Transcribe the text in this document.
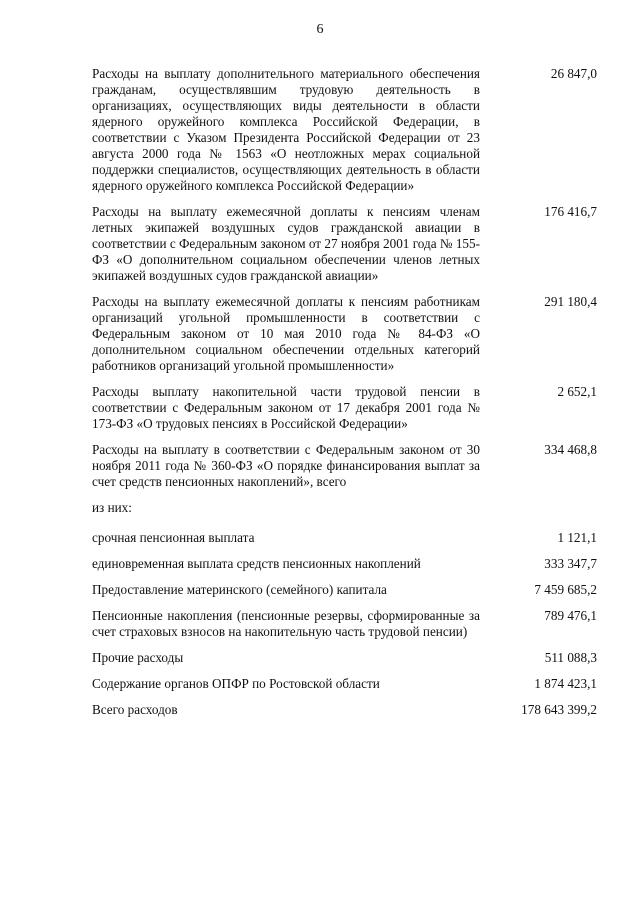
6
Расходы на выплату дополнительного материального обеспечения гражданам, осуществлявшим трудовую деятельность в организациях, осуществляющих виды деятельности в области ядерного оружейного комплекса Российской Федерации, в соответствии с Указом Президента Российской Федерации от 23 августа 2000 года № 1563 «О неотложных мерах социальной поддержки специалистов, осуществляющих деятельность в области ядерного оружейного комплекса Российской Федерации»
26 847,0
Расходы на выплату ежемесячной доплаты к пенсиям членам летных экипажей воздушных судов гражданской авиации в соответствии с Федеральным законом от 27 ноября 2001 года № 155-ФЗ «О дополнительном социальном обеспечении членов летных экипажей воздушных судов гражданской авиации»
176 416,7
Расходы на выплату ежемесячной доплаты к пенсиям работникам организаций угольной промышленности в соответствии с Федеральным законом от 10 мая 2010 года № 84-ФЗ «О дополнительном социальном обеспечении отдельных категорий работников организаций угольной промышленности»
291 180,4
Расходы выплату накопительной части трудовой пенсии в соответствии с Федеральным законом от 17 декабря 2001 года № 173-ФЗ «О трудовых пенсиях в Российской Федерации»
2 652,1
Расходы на выплату в соответствии с Федеральным законом от 30 ноября 2011 года № 360-ФЗ «О порядке финансирования выплат за счет средств пенсионных накоплений», всего
334 468,8
из них:
срочная пенсионная выплата	1 121,1
единовременная выплата средств пенсионных накоплений	333 347,7
Предоставление материнского (семейного) капитала	7 459 685,2
Пенсионные накопления (пенсионные резервы, сформированные за счет страховых взносов на накопительную часть трудовой пенсии)
789 476,1
Прочие расходы	511 088,3
Содержание органов ОПФР по Ростовской области	1 874 423,1
Всего расходов	178 643 399,2
